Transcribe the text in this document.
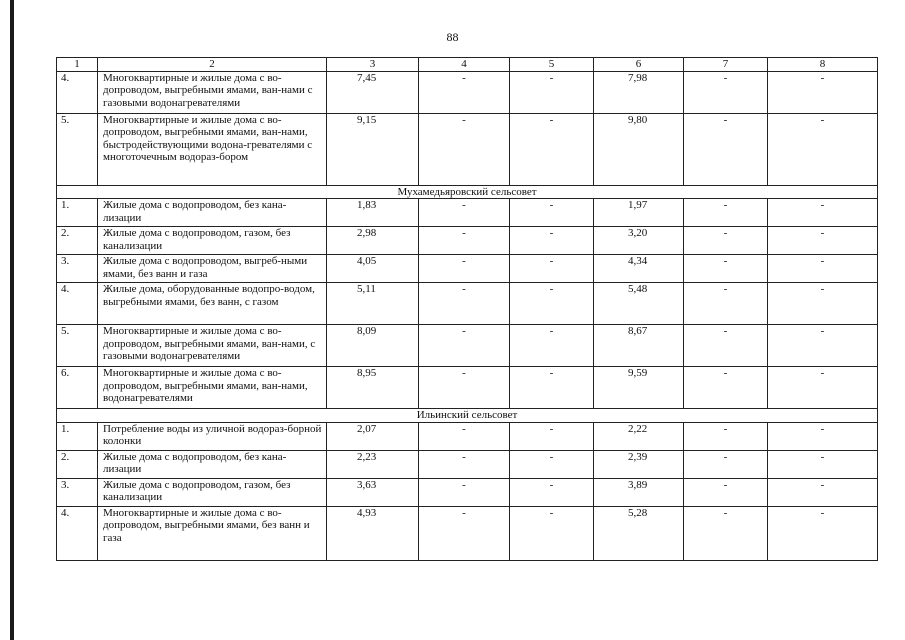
88
1	2	3	4	5	6	7	8
4.	Многоквартирные и жилые дома с во-допроводом, выгребными ямами, ван-нами с газовыми водонагревателями	7,45	-	-	7,98	-	-
5.	Многоквартирные и жилые дома с во-допроводом, выгребными ямами, ван-нами, быстродействующими водона-гревателями с многоточечным водораз-бором	9,15	-	-	9,80	-	-
Мухамедьяровский сельсовет							
1.	Жилые дома с водопроводом, без кана-лизации	1,83	-	-	1,97	-	-
2.	Жилые дома с водопроводом, газом, без канализации	2,98	-	-	3,20	-	-
3.	Жилые дома с водопроводом, выгреб-ными ямами, без ванн и газа	4,05	-	-	4,34	-	-
4.	Жилые дома, оборудованные водопро-водом, выгребными ямами, без ванн, с газом	5,11	-	-	5,48	-	-
5.	Многоквартирные и жилые дома с во-допроводом, выгребными ямами, ван-нами, с газовыми водонагревателями	8,09	-	-	8,67	-	-
6.	Многоквартирные и жилые дома с во-допроводом, выгребными ямами, ван-нами, водонагревателями	8,95	-	-	9,59	-	-
Ильинский сельсовет							
1.	Потребление воды из уличной водораз-борной колонки	2,07	-	-	2,22	-	-
2.	Жилые дома с водопроводом, без кана-лизации	2,23	-	-	2,39	-	-
3.	Жилые дома с водопроводом, газом, без канализации	3,63	-	-	3,89	-	-
4.	Многоквартирные и жилые дома с во-допроводом, выгребными ямами, без ванн и газа	4,93	-	-	5,28	-	-
